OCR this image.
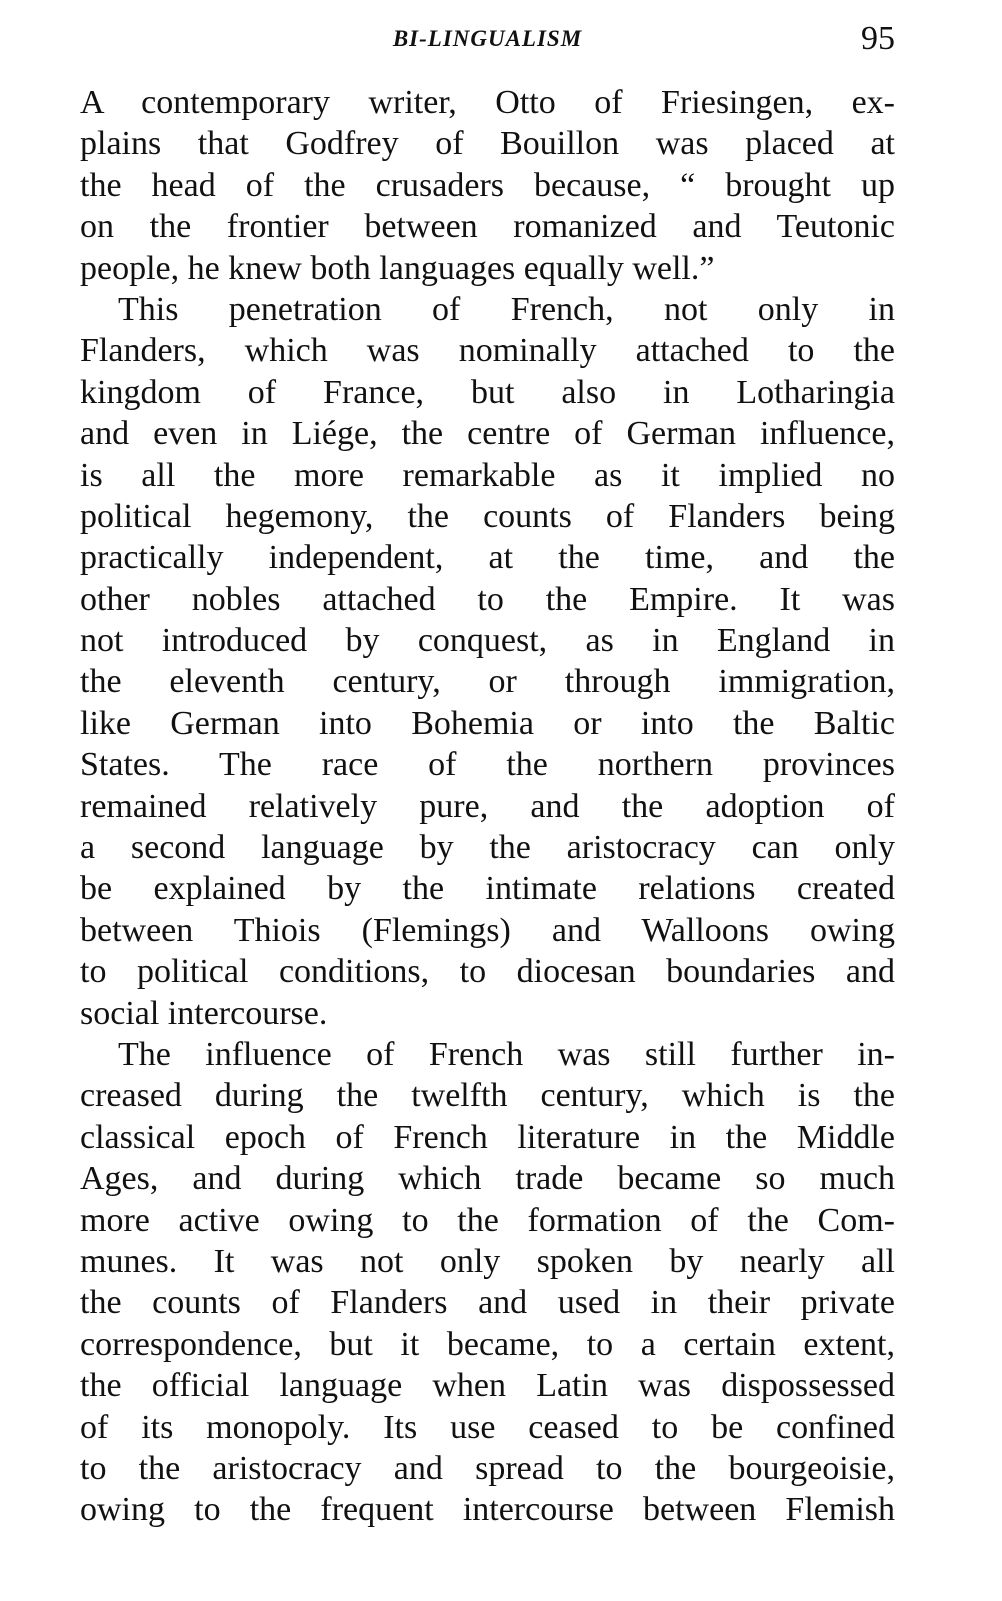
BI-LINGUALISM	95
A contemporary writer, Otto of Friesingen, ex-
plains that Godfrey of Bouillon was placed at
the head of the crusaders because, “ brought up
on the frontier between romanized and Teutonic
people, he knew both languages equally well.”
This penetration of French, not only in
Flanders, which was nominally attached to the
kingdom of France, but also in Lotharingia
and even in Liége, the centre of German influence,
is all the more remarkable as it implied no
political hegemony, the counts of Flanders being
practically independent, at the time, and the
other nobles attached to the Empire. It was
not introduced by conquest, as in England in
the eleventh century, or through immigration,
like German into Bohemia or into the Baltic
States. The race of the northern provinces
remained relatively pure, and the adoption of
a second language by the aristocracy can only
be explained by the intimate relations created
between Thiois (Flemings) and Walloons owing
to political conditions, to diocesan boundaries and
social intercourse.
The influence of French was still further in-
creased during the twelfth century, which is the
classical epoch of French literature in the Middle
Ages, and during which trade became so much
more active owing to the formation of the Com-
munes. It was not only spoken by nearly all
the counts of Flanders and used in their private
correspondence, but it became, to a certain extent,
the official language when Latin was dispossessed
of its monopoly. Its use ceased to be confined
to the aristocracy and spread to the bourgeoisie,
owing to the frequent intercourse between Flemish
